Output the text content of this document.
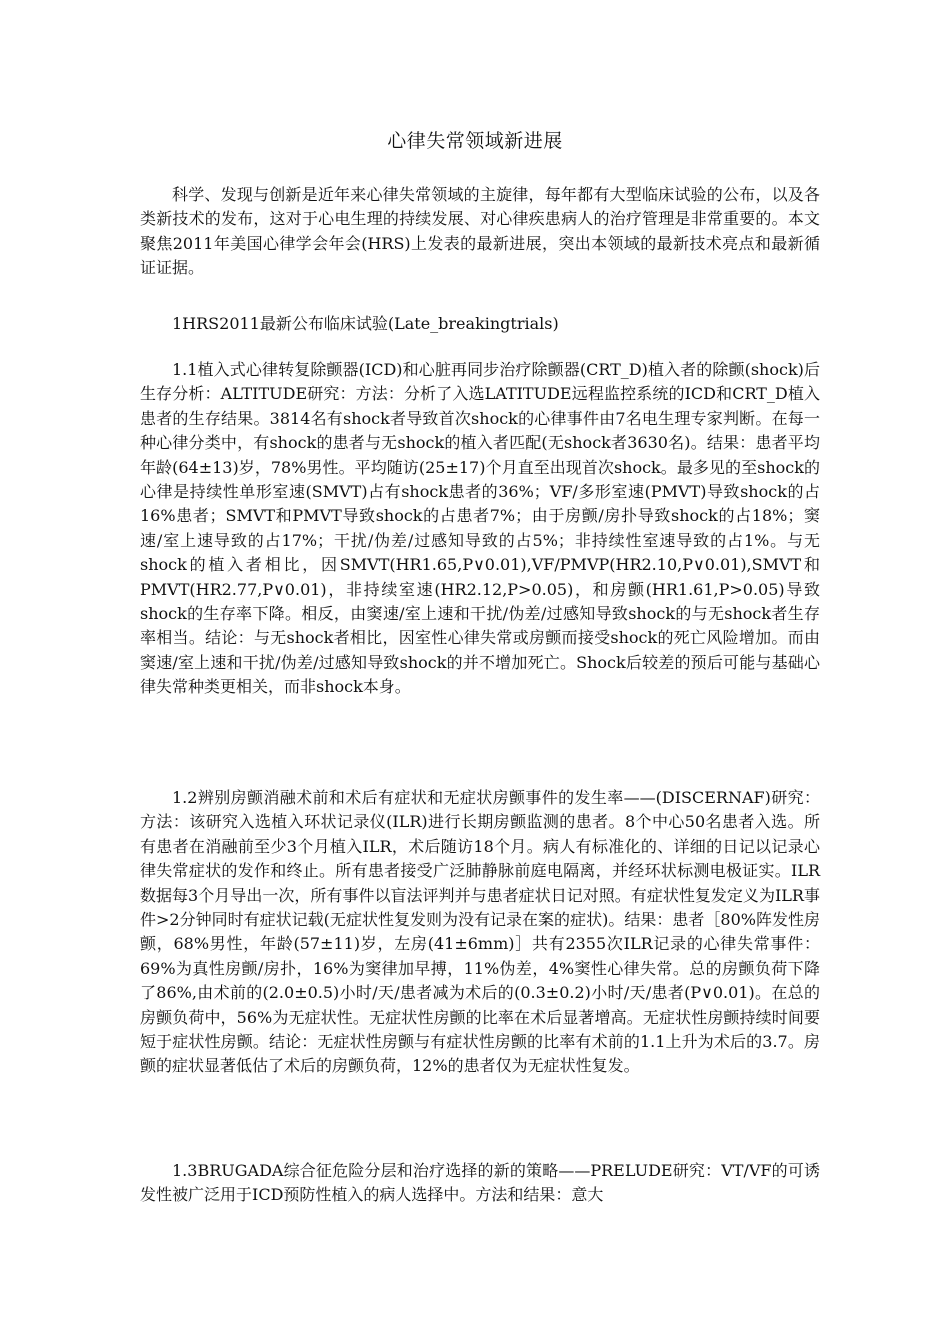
心律失常领域新进展

科学、发现与创新是近年来心律失常领域的主旋律，每年都有大型临床试验的公布，以及各类新技术的发布，这对于心电生理的持续发展、对心律疾患病人的治疗管理是非常重要的。本文聚焦2011年美国心律学会年会(HRS)上发表的最新进展，突出本领域的最新技术亮点和最新循证证据。

1HRS2011最新公布临床试验(Late_breakingtrials)

1.1植入式心律转复除颤器(ICD)和心脏再同步治疗除颤器(CRT_D)植入者的除颤(shock)后生存分析：ALTITUDE研究：方法：分析了入选LATITUDE远程监控系统的ICD和CRT_D植入患者的生存结果。3814名有shock者导致首次shock的心律事件由7名电生理专家判断。在每一种心律分类中，有shock的患者与无shock的植入者匹配(无shock者3630名)。结果：患者平均年龄(64±13)岁，78%男性。平均随访(25±17)个月直至出现首次shock。最多见的至shock的心律是持续性单形室速(SMVT)占有shock患者的36%；VF/多形室速(PMVT)导致shock的占16%患者；SMVT和PMVT导致shock的占患者7%；由于房颤/房扑导致shock的占18%；窦速/室上速导致的占17%；干扰/伪差/过感知导致的占5%；非持续性室速导致的占1%。与无shock的植入者相比，因SMVT(HR1.65,P∨0.01),VF/PMVP(HR2.10,P∨0.01),SMVT和PMVT(HR2.77,P∨0.01)，非持续室速(HR2.12,P>0.05)，和房颤(HR1.61,P>0.05)导致shock的生存率下降。相反，由窦速/室上速和干扰/伪差/过感知导致shock的与无shock者生存率相当。结论：与无shock者相比，因室性心律失常或房颤而接受shock的死亡风险增加。而由窦速/室上速和干扰/伪差/过感知导致shock的并不增加死亡。Shock后较差的预后可能与基础心律失常种类更相关，而非shock本身。

1.2辨别房颤消融术前和术后有症状和无症状房颤事件的发生率——(DISCERNAF)研究：方法：该研究入选植入环状记录仪(ILR)进行长期房颤监测的患者。8个中心50名患者入选。所有患者在消融前至少3个月植入ILR，术后随访18个月。病人有标准化的、详细的日记以记录心律失常症状的发作和终止。所有患者接受广泛肺静脉前庭电隔离，并经环状标测电极证实。ILR数据每3个月导出一次，所有事件以盲法评判并与患者症状日记对照。有症状性复发定义为ILR事件>2分钟同时有症状记载(无症状性复发则为没有记录在案的症状)。结果：患者［80%阵发性房颤，68%男性，年龄(57±11)岁，左房(41±6mm)］共有2355次ILR记录的心律失常事件：69%为真性房颤/房扑，16%为窦律加早搏，11%伪差，4%窦性心律失常。总的房颤负荷下降了86%,由术前的(2.0±0.5)小时/天/患者减为术后的(0.3±0.2)小时/天/患者(P∨0.01)。在总的房颤负荷中，56%为无症状性。无症状性房颤的比率在术后显著增高。无症状性房颤持续时间要短于症状性房颤。结论：无症状性房颤与有症状性房颤的比率有术前的1.1上升为术后的3.7。房颤的症状显著低估了术后的房颤负荷，12%的患者仅为无症状性复发。

1.3BRUGADA综合征危险分层和治疗选择的新的策略——PRELUDE研究：VT/VF的可诱发性被广泛用于ICD预防性植入的病人选择中。方法和结果：意大
